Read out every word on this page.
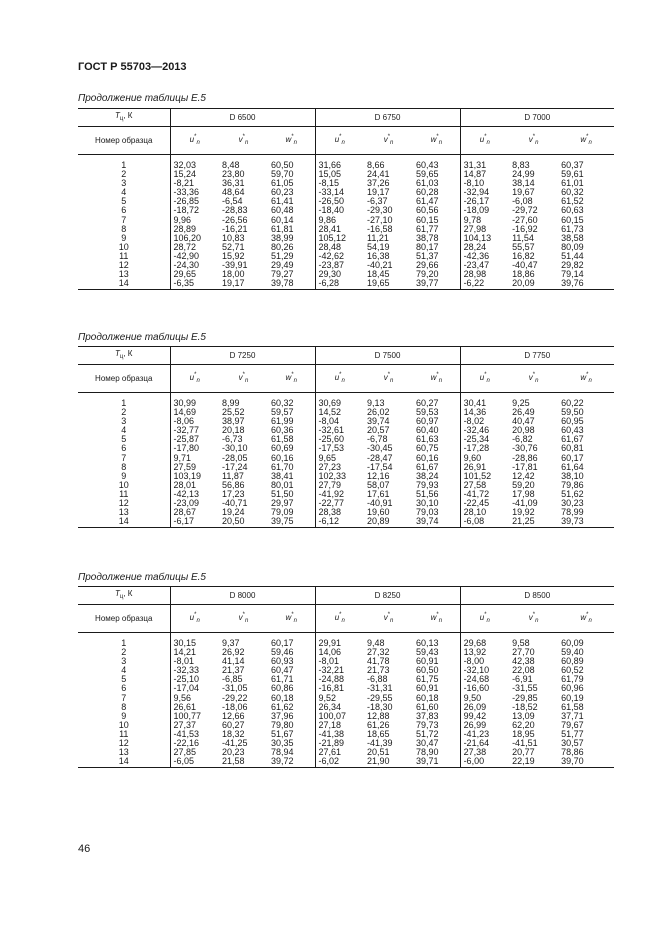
ГОСТ Р 55703—2013
Продолжение таблицы Е.5
$T_ц$, К	D 6500			D 6750			D 7000		
Номер образца	$u^*_n$	$v^*_n$	$w^*_n$	$u^*_n$	$v^*_n$	$w^*_n$	$u^*_n$	$v^*_n$	$w^*_n$

1	32,03	8,48	60,50	31,66	8,66	60,43	31,31	8,83	60,37
2	15,24	23,80	59,70	15,05	24,41	59,65	14,87	24,99	59,61
3	-8,21	36,31	61,05	-8,15	37,26	61,03	-8,10	38,14	61,01
4	-33,36	48,64	60,23	-33,14	19,17	60,28	-32,94	19,67	60,32
5	-26,85	-6,54	61,41	-26,50	-6,37	61,47	-26,17	-6,08	61,52
6	-18,72	-28,83	60,48	-18,40	-29,30	60,56	-18,09	-29,72	60,63
7	9,96	-26,56	60,14	9,86	-27,10	60,15	9,78	-27,60	60,15
8	28,89	-16,21	61,81	28,41	-16,58	61,77	27,98	-16,92	61,73
9	106,20	10,83	38,99	105,12	11,21	38,78	104,13	11,54	38,58
10	28,72	52,71	80,26	28,48	54,19	80,17	28,24	55,57	80,09
11	-42,90	15,92	51,29	-42,62	16,38	51,37	-42,36	16,82	51,44
12	-24,30	-39,91	29,49	-23,87	-40,21	29,66	-23,47	-40,47	29,82
13	29,65	18,00	79,27	29,30	18,45	79,20	28,98	18,86	79,14
14	-6,35	19,17	39,78	-6,28	19,65	39,77	-6,22	20,09	39,76
Продолжение таблицы Е.5
$T_ц$, К	D 7250			D 7500			D 7750		
Номер образца	$u^*_n$	$v^*_n$	$w^*_n$	$u^*_n$	$v^*_n$	$w^*_n$	$u^*_n$	$v^*_n$	$w^*_n$

1	30,99	8,99	60,32	30,69	9,13	60,27	30,41	9,25	60,22
2	14,69	25,52	59,57	14,52	26,02	59,53	14,36	26,49	59,50
3	-8,06	38,97	61,99	-8,04	39,74	60,97	-8,02	40,47	60,95
4	-32,77	20,18	60,36	-32,61	20,57	60,40	-32,46	20,98	60,43
5	-25,87	-6,73	61,58	-25,60	-6,78	61,63	-25,34	-6,82	61,67
6	-17,80	-30,10	60,69	-17,53	-30,45	60,75	-17,28	-30,76	60,81
7	9,71	-28,05	60,16	9,65	-28,47	60,16	9,60	-28,86	60,17
8	27,59	-17,24	61,70	27,23	-17,54	61,67	26,91	-17,81	61,64
9	103,19	11,87	38,41	102,33	12,16	38,24	101,52	12,42	38,10
10	28,01	56,86	80,01	27,79	58,07	79,93	27,58	59,20	79,86
11	-42,13	17,23	51,50	-41,92	17,61	51,56	-41,72	17,98	51,62
12	-23,09	-40,71	29,97	-22,77	-40,91	30,10	-22,45	-41,09	30,23
13	28,67	19,24	79,09	28,38	19,60	79,03	28,10	19,92	78,99
14	-6,17	20,50	39,75	-6,12	20,89	39,74	-6,08	21,25	39,73
Продолжение таблицы Е.5
$T_ц$, К	D 8000			D 8250			D 8500		
Номер образца	$u^*_n$	$v^*_n$	$w^*_n$	$u^*_n$	$v^*_n$	$w^*_n$	$u^*_n$	$v^*_n$	$w^*_n$

1	30,15	9,37	60,17	29,91	9,48	60,13	29,68	9,58	60,09
2	14,21	26,92	59,46	14,06	27,32	59,43	13,92	27,70	59,40
3	-8,01	41,14	60,93	-8,01	41,78	60,91	-8,00	42,38	60,89
4	-32,33	21,37	60,47	-32,21	21,73	60,50	-32,10	22,08	60,52
5	-25,10	-6,85	61,71	-24,88	-6,88	61,75	-24,68	-6,91	61,79
6	-17,04	-31,05	60,86	-16,81	-31,31	60,91	-16,60	-31,55	60,96
7	9,56	-29,22	60,18	9,52	-29,55	60,18	9,50	-29,85	60,19
8	26,61	-18,06	61,62	26,34	-18,30	61,60	26,09	-18,52	61,58
9	100,77	12,66	37,96	100,07	12,88	37,83	99,42	13,09	37,71
10	27,37	60,27	79,80	27,18	61,26	79,73	26,99	62,20	79,67
11	-41,53	18,32	51,67	-41,38	18,65	51,72	-41,23	18,95	51,77
12	-22,16	-41,25	30,35	-21,89	-41,39	30,47	-21,64	-41,51	30,57
13	27,85	20,23	78,94	27,61	20,51	78,90	27,38	20,77	78,86
14	-6,05	21,58	39,72	-6,02	21,90	39,71	-6,00	22,19	39,70
46
